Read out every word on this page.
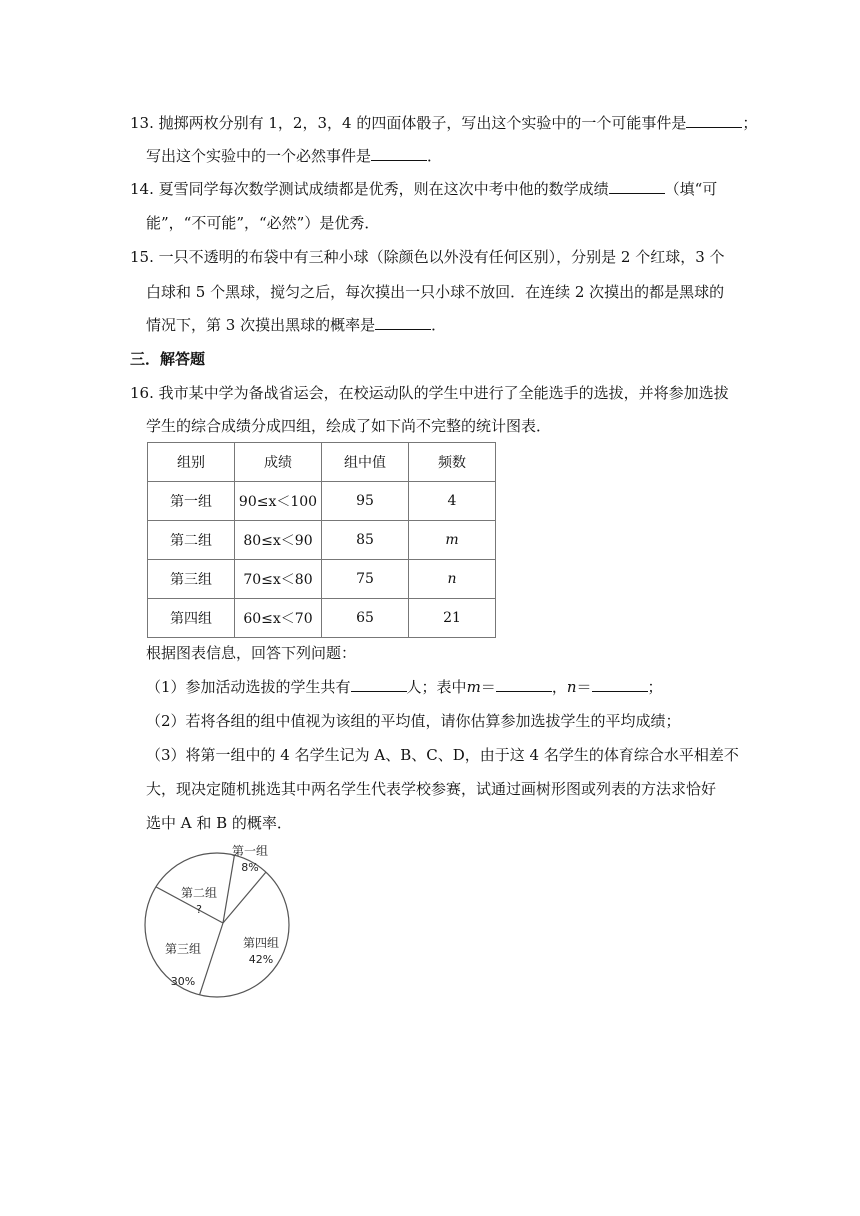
13. 抛掷两枚分别有 1，2，3，4 的四面体骰子，写出这个实验中的一个可能事件是	；
写出这个实验中的一个必然事件是	．
14. 夏雪同学每次数学测试成绩都是优秀，则在这次中考中他的数学成绩	（填“可
能”，“不可能”，“必然”）是优秀．
15. 一只不透明的布袋中有三种小球（除颜色以外没有任何区别），分别是 2 个红球，3 个
白球和 5 个黑球，搅匀之后，每次摸出一只小球不放回．在连续 2 次摸出的都是黑球的
情况下，第 3 次摸出黑球的概率是	．
三．解答题
16. 我市某中学为备战省运会，在校运动队的学生中进行了全能选手的选拔，并将参加选拔
学生的综合成绩分成四组，绘成了如下尚不完整的统计图表．
组别	成绩	组中值	频数
第一组	90≤x＜100	95	4
第二组	80≤x＜90	85	m
第三组	70≤x＜80	75	n
第四组	60≤x＜70	65	21
根据图表信息，回答下列问题：
（1）参加活动选拔的学生共有	人；表中m＝	，n＝	；
（2）若将各组的组中值视为该组的平均值，请你估算参加选拔学生的平均成绩；
（3）将第一组中的 4 名学生记为 A、B、C、D，由于这 4 名学生的体育综合水平相差不
大，现决定随机挑选其中两名学生代表学校参赛，试通过画树形图或列表的方法求恰好
选中 A 和 B 的概率．
第一组
8%
第四组
42%
第三组
30%
第二组
?
